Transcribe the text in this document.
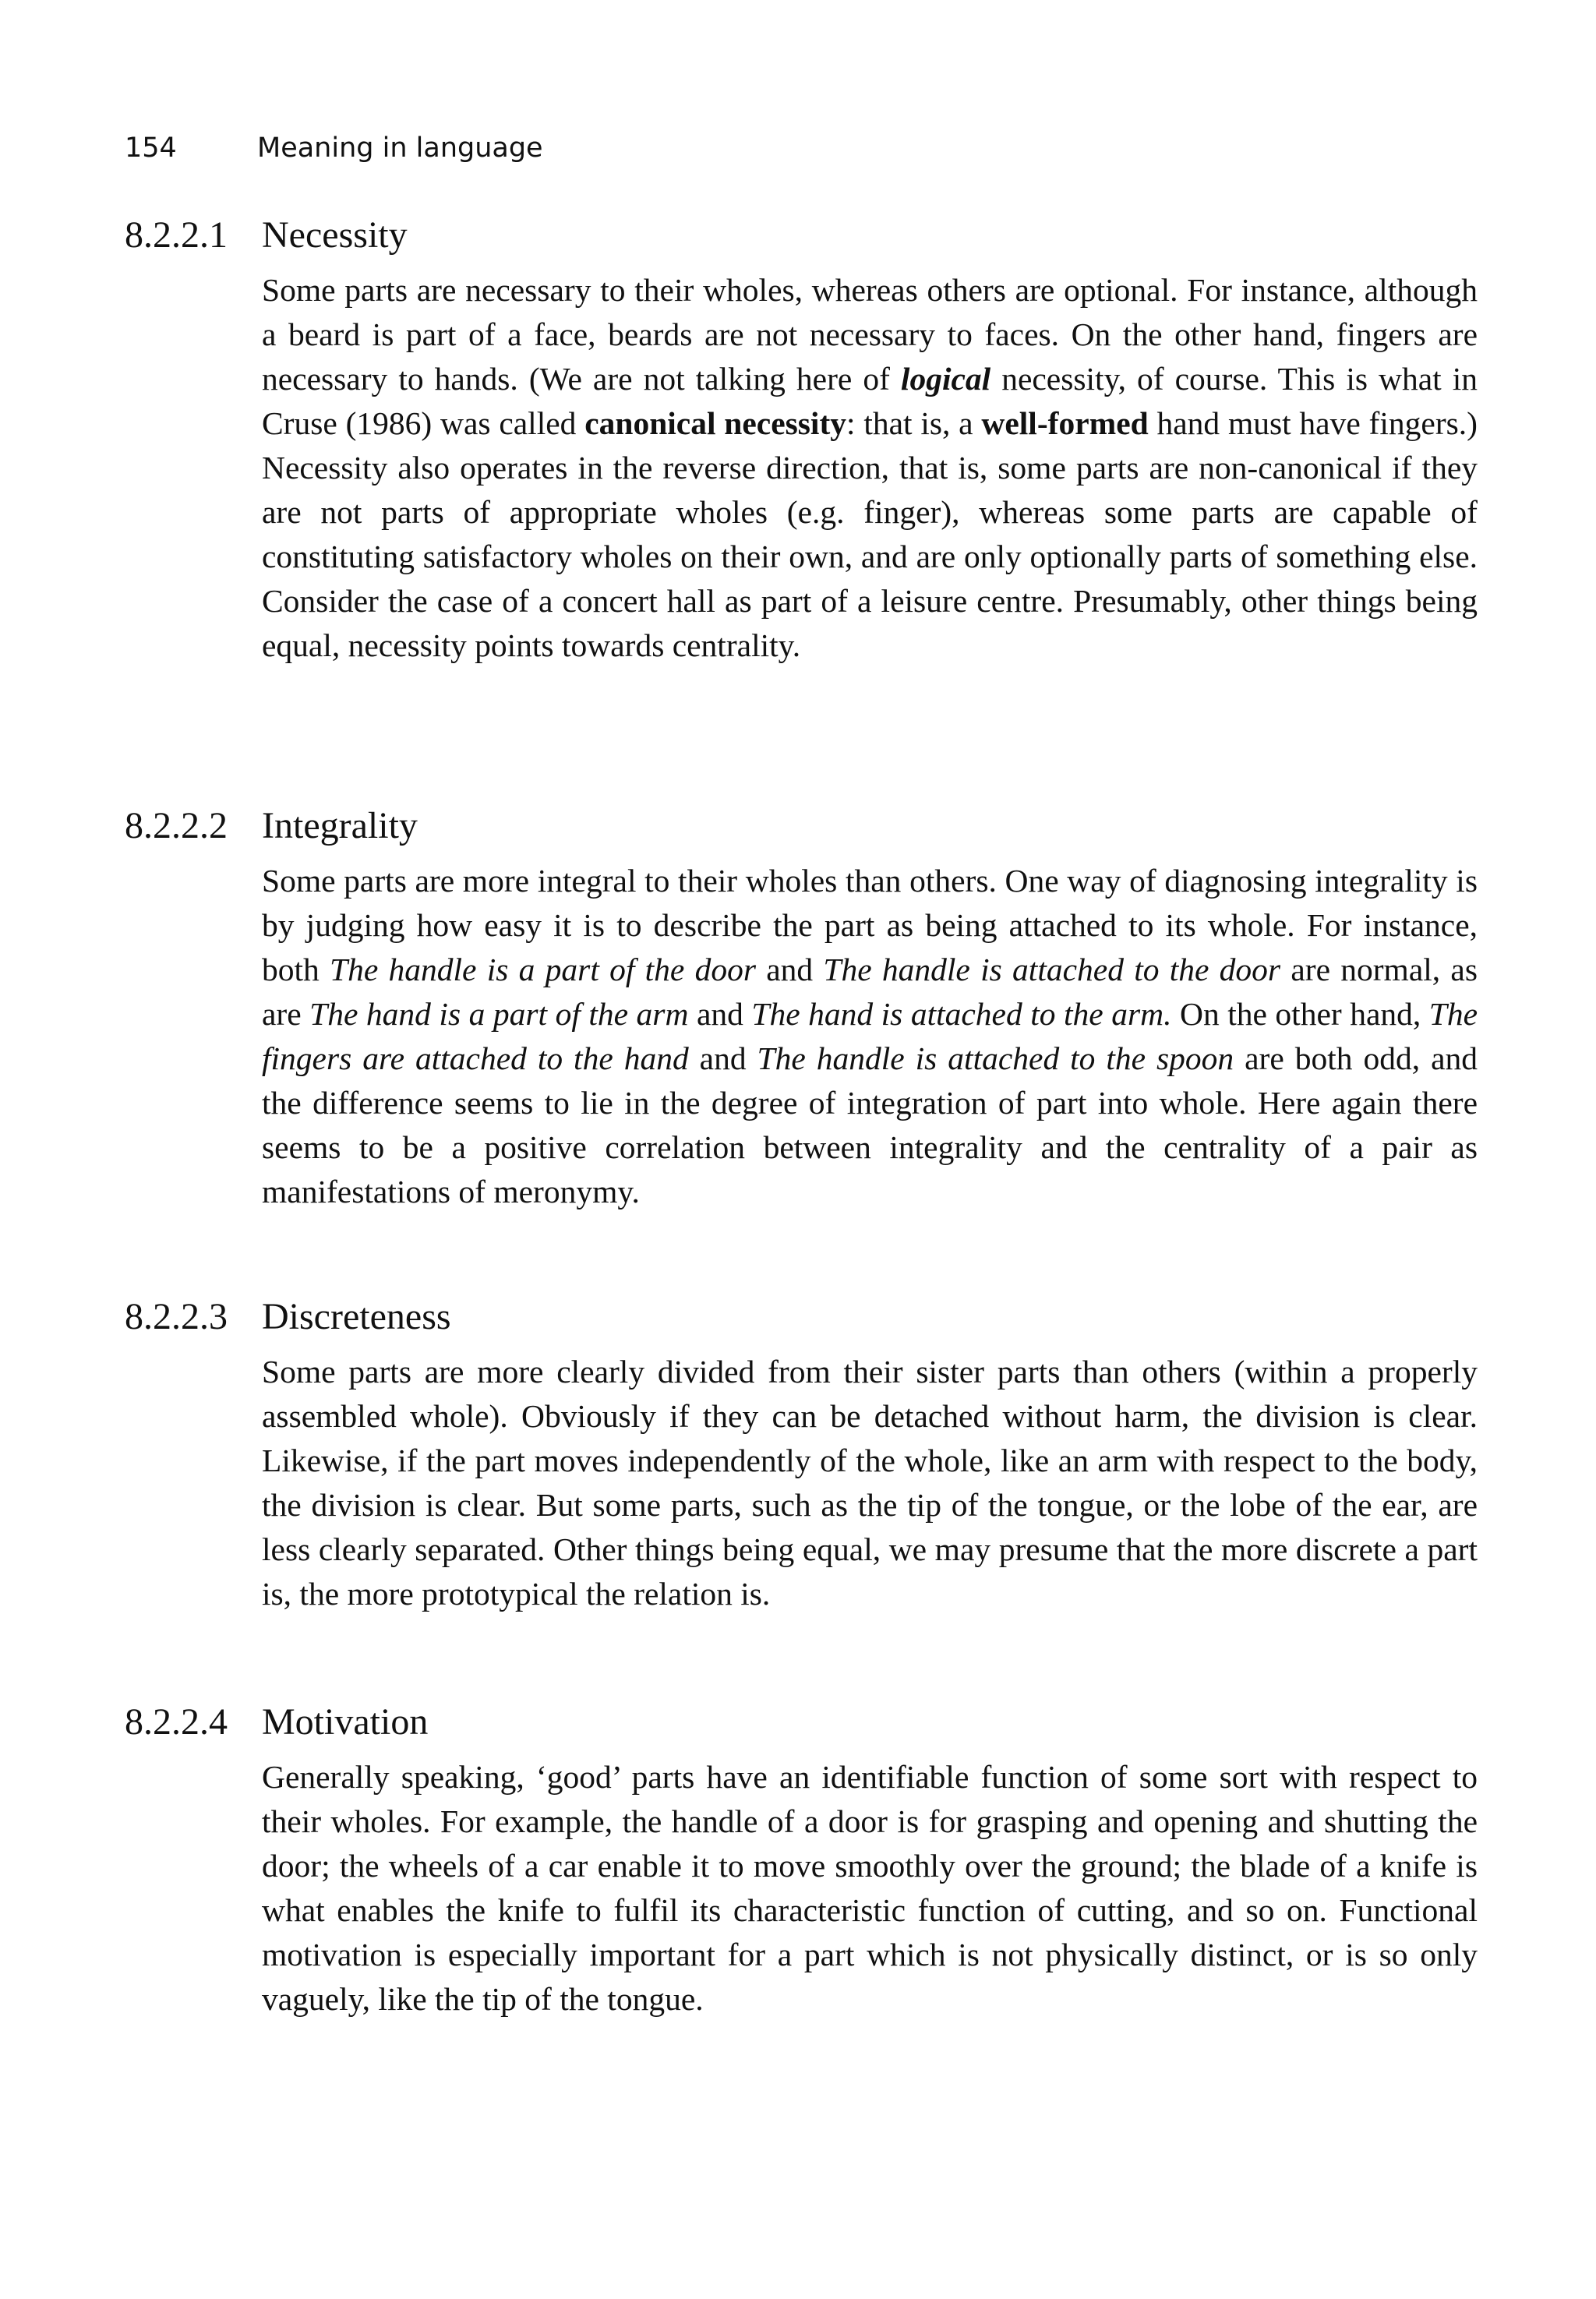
154	Meaning in language
8.2.2.1 Necessity

Some parts are necessary to their wholes, whereas others are optional. For instance, although a beard is part of a face, beards are not necessary to faces. On the other hand, fingers are necessary to hands. (We are not talking here of logical necessity, of course. This is what in Cruse (1986) was called canonical necessity: that is, a well-formed hand must have fingers.) Necessity also operates in the reverse direction, that is, some parts are non-canonical if they are not parts of appropriate wholes (e.g. finger), whereas some parts are capable of constituting satisfactory wholes on their own, and are only optionally parts of something else. Consider the case of a concert hall as part of a leisure centre. Presumably, other things being equal, necessity points towards centrality.

8.2.2.2 Integrality

Some parts are more integral to their wholes than others. One way of diagnosing integrality is by judging how easy it is to describe the part as being attached to its whole. For instance, both The handle is a part of the door and The handle is attached to the door are normal, as are The hand is a part of the arm and The hand is attached to the arm. On the other hand, The fingers are attached to the hand and The handle is attached to the spoon are both odd, and the difference seems to lie in the degree of integration of part into whole. Here again there seems to be a positive correlation between integrality and the centrality of a pair as manifestations of meronymy.

8.2.2.3 Discreteness

Some parts are more clearly divided from their sister parts than others (within a properly assembled whole). Obviously if they can be detached without harm, the division is clear. Likewise, if the part moves independently of the whole, like an arm with respect to the body, the division is clear. But some parts, such as the tip of the tongue, or the lobe of the ear, are less clearly separated. Other things being equal, we may presume that the more discrete a part is, the more prototypical the relation is.

8.2.2.4 Motivation

Generally speaking, ‘good’ parts have an identifiable function of some sort with respect to their wholes. For example, the handle of a door is for grasping and opening and shutting the door; the wheels of a car enable it to move smoothly over the ground; the blade of a knife is what enables the knife to fulfil its characteristic function of cutting, and so on. Functional motivation is especially important for a part which is not physically distinct, or is so only vaguely, like the tip of the tongue.
